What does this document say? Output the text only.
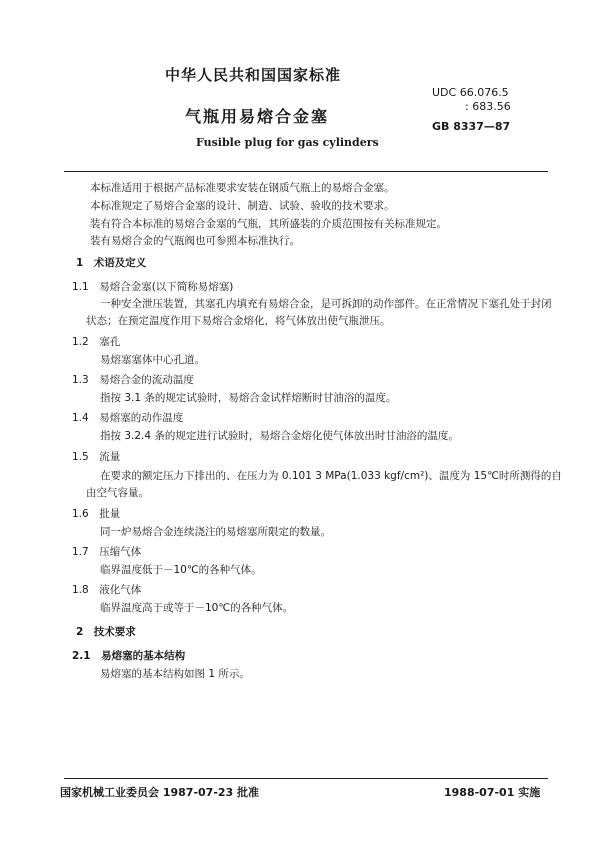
中华人民共和国国家标准

气瓶用易熔合金塞

Fusible plug for gas cylinders

UDC 66.076.5

: 683.56

GB 8337—87

本标准适用于根据产品标准要求安装在钢质气瓶上的易熔合金塞。

本标准规定了易熔合金塞的设计、制造、试验、验收的技术要求。

装有符合本标准的易熔合金塞的气瓶，其所盛装的介质范围按有关标准规定。

装有易熔合金的气瓶阀也可参照本标准执行。

1　术语及定义

1.1　易熔合金塞(以下简称易熔塞)

一种安全泄压装置，其塞孔内填充有易熔合金，是可拆卸的动作部件。在正常情况下塞孔处于封闭

状态；在预定温度作用下易熔合金熔化，将气体放出使气瓶泄压。

1.2　塞孔

易熔塞塞体中心孔道。

1.3　易熔合金的流动温度

指按 3.1 条的规定试验时，易熔合金试样熔断时甘油浴的温度。

1.4　易熔塞的动作温度

指按 3.2.4 条的规定进行试验时，易熔合金熔化使气体放出时甘油浴的温度。

1.5　流量

在要求的额定压力下排出的、在压力为 0.101 3 MPa(1.033 kgf/cm²)、温度为 15℃时所测得的自

由空气容量。

1.6　批量

同一炉易熔合金连续浇注的易熔塞所限定的数量。

1.7　压缩气体

临界温度低于－10℃的各种气体。

1.8　液化气体

临界温度高于或等于－10℃的各种气体。

2　技术要求

2.1　易熔塞的基本结构

易熔塞的基本结构如图 1 所示。

国家机械工业委员会 1987-07-23 批准	1988-07-01 实施
